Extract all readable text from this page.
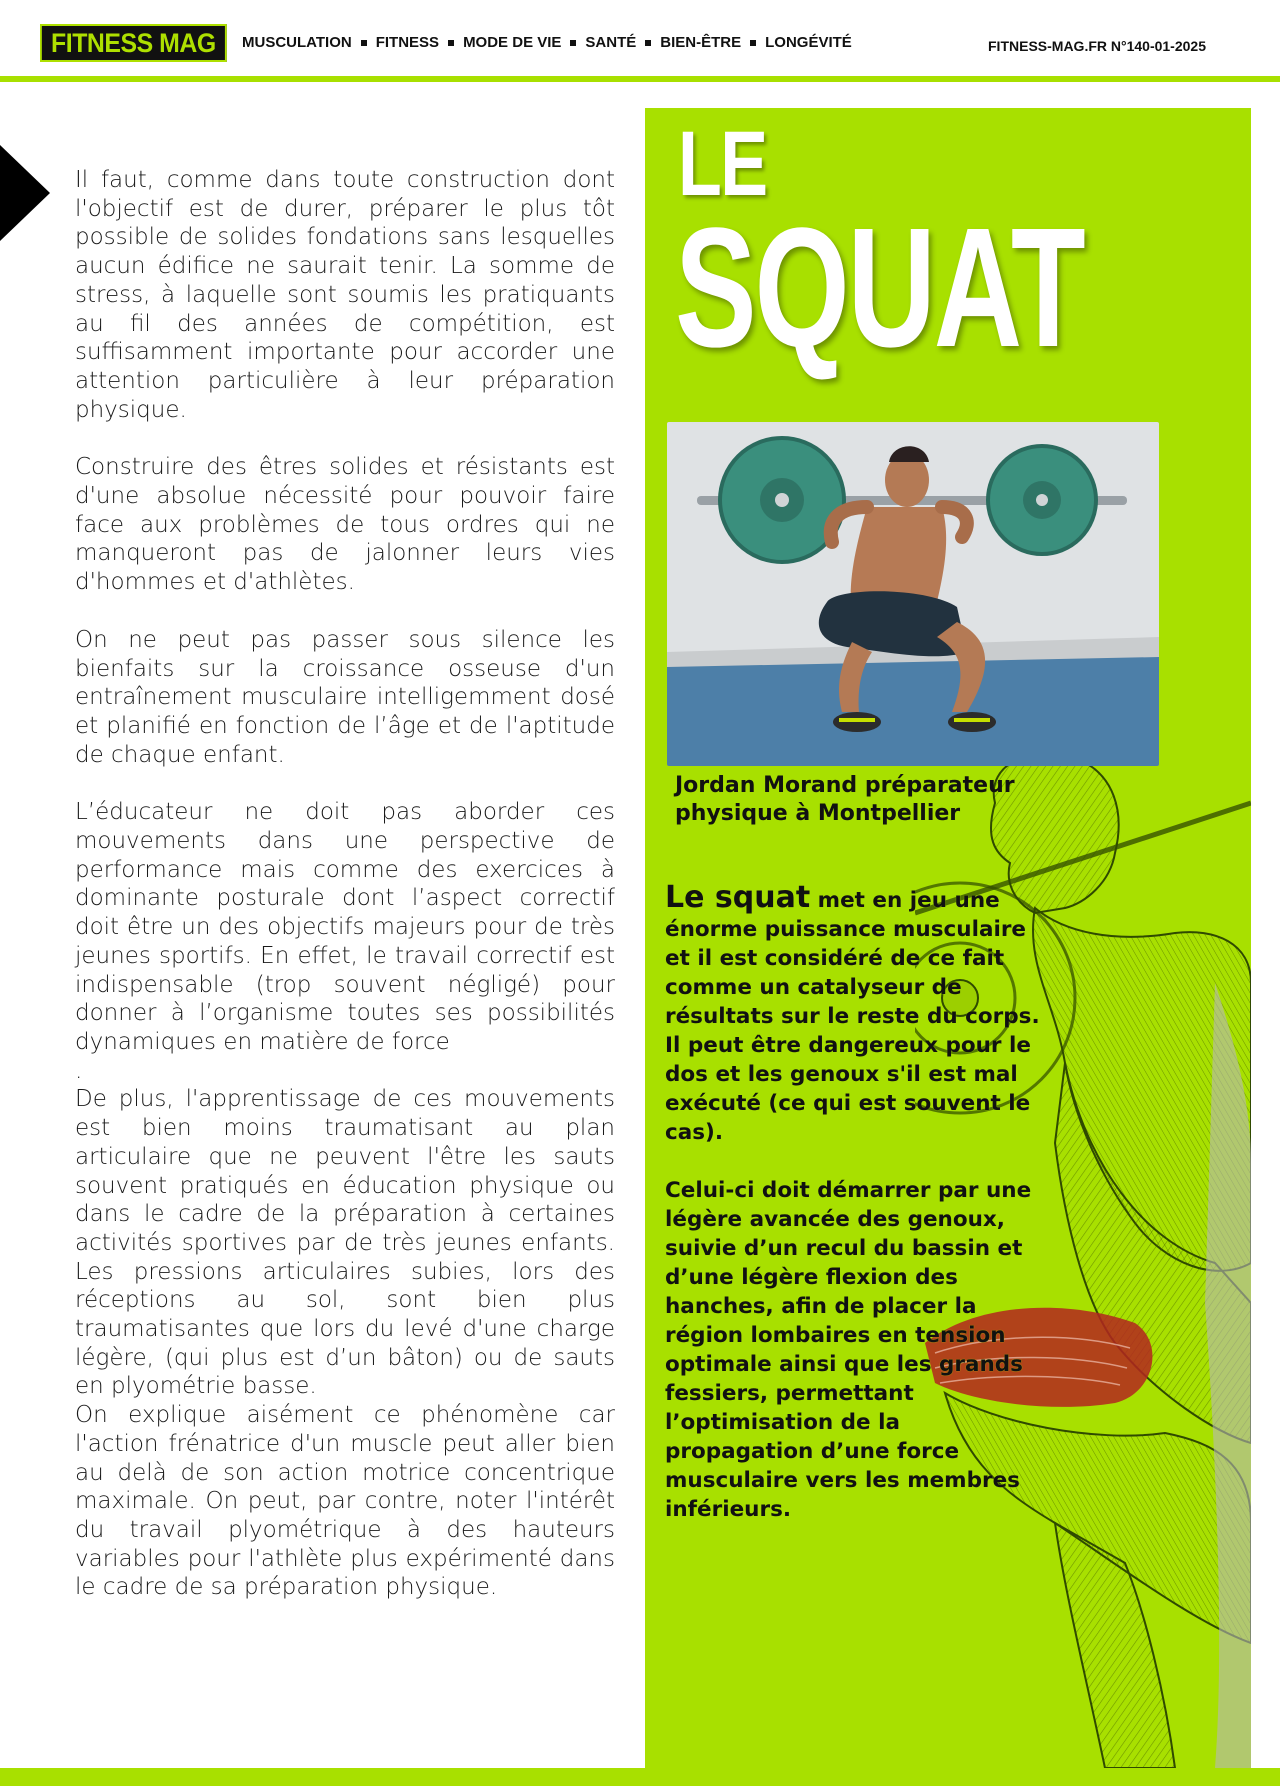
FITNESS MAG	MUSCULATION FITNESS MODE DE VIE SANTÉ BIEN-ÊTRE LONGÉVITÉ	FITNESS-MAG.FR N°140-01-2025

Il faut, comme dans toute construction dont l'objectif est de durer, préparer le plus tôt possible de solides fondations sans lesquelles aucun édifice ne saurait tenir. La somme de stress, à laquelle sont soumis les pratiquants au fil des années de compétition, est suffisamment importante pour accorder une attention particulière à leur préparation physique.

Construire des êtres solides et résistants est d'une absolue nécessité pour pouvoir faire face aux problèmes de tous ordres qui ne manqueront pas de jalonner leurs vies d'hommes et d'athlètes.

On ne peut pas passer sous silence les bienfaits sur la croissance osseuse d'un entraînement musculaire intelligemment dosé et planifié en fonction de l’âge et de l'aptitude de chaque enfant.

L’éducateur ne doit pas aborder ces mouvements dans une perspective de performance mais comme des exercices à dominante posturale dont l’aspect correctif doit être un des objectifs majeurs pour de très jeunes sportifs. En effet, le travail correctif est indispensable (trop souvent négligé) pour donner à l’organisme toutes ses possibilités dynamiques en matière de force

.

De plus, l'apprentissage de ces mouvements est bien moins traumatisant au plan articulaire que ne peuvent l'être les sauts souvent pratiqués en éducation physique ou dans le cadre de la préparation à certaines activités sportives par de très jeunes enfants. Les pressions articulaires subies, lors des réceptions au sol, sont bien plus traumatisantes que lors du levé d'une charge légère, (qui plus est d’un bâton) ou de sauts en plyométrie basse.

On explique aisément ce phénomène car l'action frénatrice d'un muscle peut aller bien au delà de son action motrice concentrique maximale. On peut, par contre, noter l'intérêt du travail plyométrique à des hauteurs variables pour l'athlète plus expérimenté dans le cadre de sa préparation physique.

LE
SQUAT
Jordan Morand préparateur physique à Montpellier

Le squat met en jeu une énorme puissance musculaire et il est considéré de ce fait comme un catalyseur de résultats sur le reste du corps.

Il peut être dangereux pour le dos et les genoux s'il est mal exécuté (ce qui est souvent le cas).

Celui-ci doit démarrer par une légère avancée des genoux, suivie d’un recul du bassin et d’une légère flexion des hanches, afin de placer la région lombaires en tension optimale ainsi que les grands fessiers, permettant l’optimisation de la propagation d’une force musculaire vers les membres inférieurs.
